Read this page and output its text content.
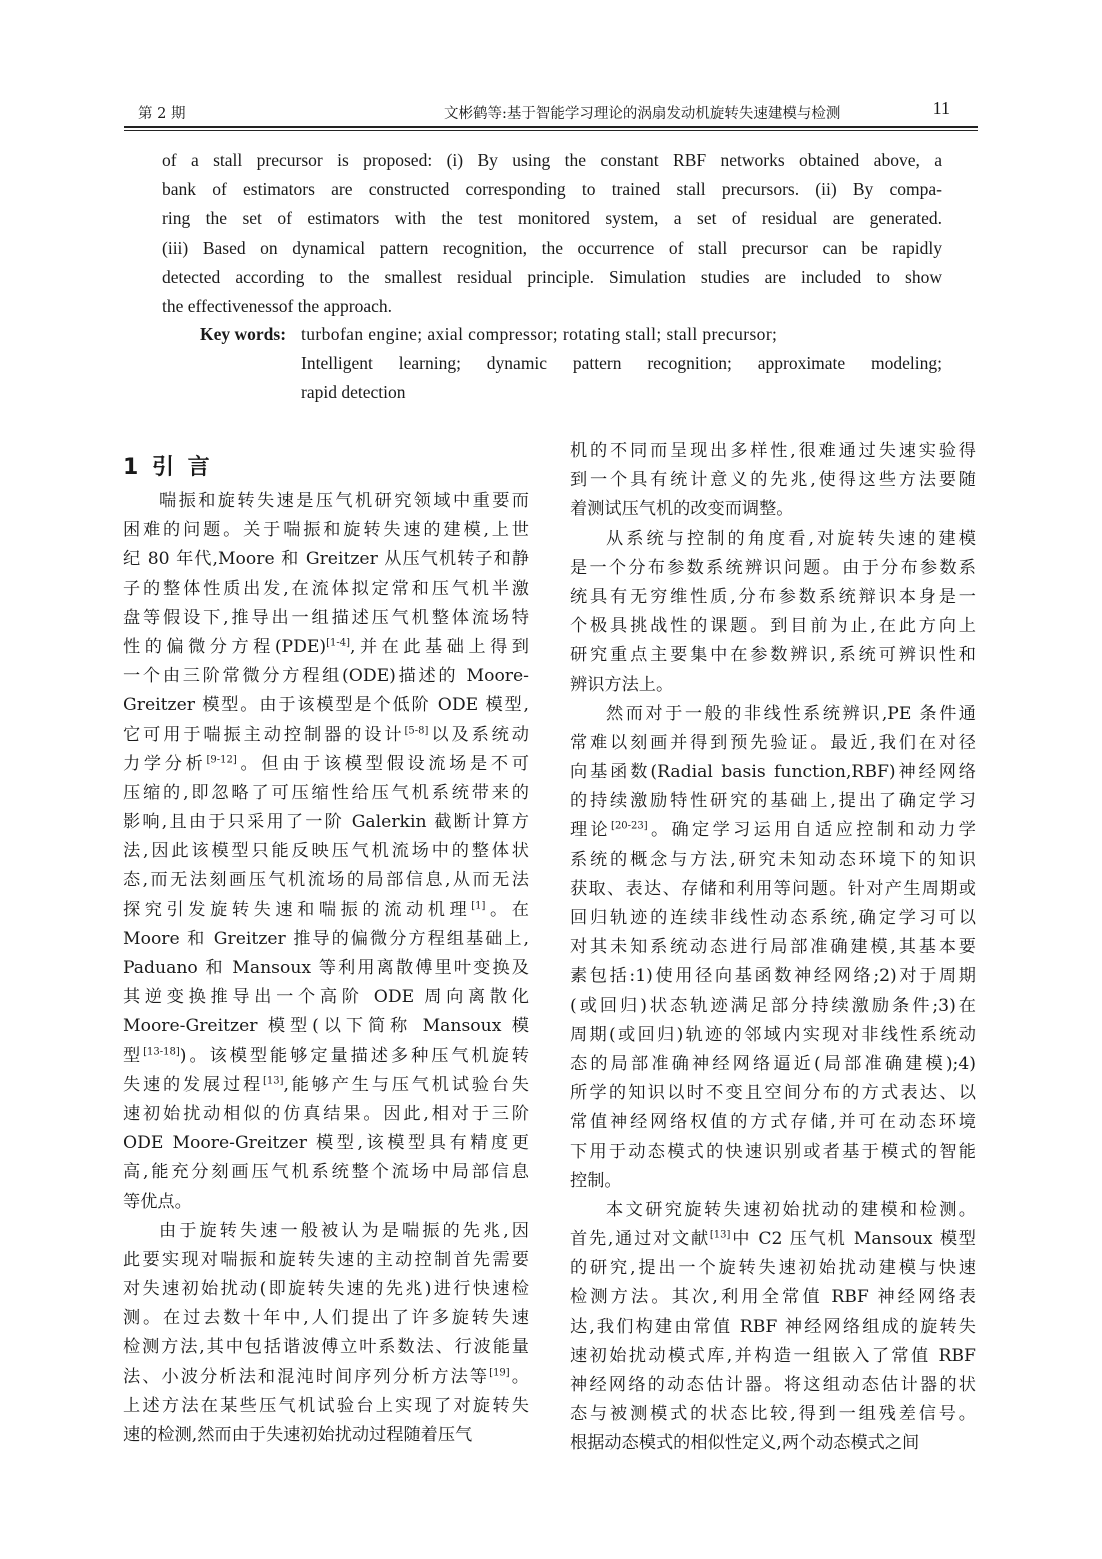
第 2 期	文彬鹤等:基于智能学习理论的涡扇发动机旋转失速建模与检测	11
of a stall precursor is proposed: (i) By using the constant RBF networks obtained above, a
bank of estimators are constructed corresponding to trained stall precursors. (ii) By compa-
ring the set of estimators with the test monitored system, a set of residual are generated.
(iii) Based on dynamical pattern recognition, the occurrence of stall precursor can be rapidly
detected according to the smallest residual principle. Simulation studies are included to show
the effectivenessof the approach.
Key words: turbofan engine; axial compressor; rotating stall; stall precursor;
Intelligent learning; dynamic pattern recognition; approximate modeling;
rapid detection
1 引 言
喘振和旋转失速是压气机研究领域中重要而
困难的问题。关于喘振和旋转失速的建模,上世
纪 80 年代,Moore 和 Greitzer 从压气机转子和静
子的整体性质出发,在流体拟定常和压气机半激
盘等假设下,推导出一组描述压气机整体流场特
性的偏微分方程(PDE)[1-4],并在此基础上得到
一个由三阶常微分方程组(ODE)描述的 Moore-
Greitzer 模型。由于该模型是个低阶 ODE 模型,
它可用于喘振主动控制器的设计[5-8]以及系统动
力学分析[9-12]。但由于该模型假设流场是不可
压缩的,即忽略了可压缩性给压气机系统带来的
影响,且由于只采用了一阶 Galerkin 截断计算方
法,因此该模型只能反映压气机流场中的整体状
态,而无法刻画压气机流场的局部信息,从而无法
探究引发旋转失速和喘振的流动机理[1]。在
Moore 和 Greitzer 推导的偏微分方程组基础上,
Paduano 和 Mansoux 等利用离散傅里叶变换及
其逆变换推导出一个高阶 ODE 周向离散化
Moore-Greitzer 模型(以下简称 Mansoux 模
型[13-18])。该模型能够定量描述多种压气机旋转
失速的发展过程[13],能够产生与压气机试验台失
速初始扰动相似的仿真结果。因此,相对于三阶
ODE Moore-Greitzer 模型,该模型具有精度更
高,能充分刻画压气机系统整个流场中局部信息
等优点。
由于旋转失速一般被认为是喘振的先兆,因
此要实现对喘振和旋转失速的主动控制首先需要
对失速初始扰动(即旋转失速的先兆)进行快速检
测。在过去数十年中,人们提出了许多旋转失速
检测方法,其中包括谐波傅立叶系数法、行波能量
法、小波分析法和混沌时间序列分析方法等[19]。
上述方法在某些压气机试验台上实现了对旋转失
速的检测,然而由于失速初始扰动过程随着压气
机的不同而呈现出多样性,很难通过失速实验得
到一个具有统计意义的先兆,使得这些方法要随
着测试压气机的改变而调整。
从系统与控制的角度看,对旋转失速的建模
是一个分布参数系统辨识问题。由于分布参数系
统具有无穷维性质,分布参数系统辩识本身是一
个极具挑战性的课题。到目前为止,在此方向上
研究重点主要集中在参数辨识,系统可辨识性和
辨识方法上。
然而对于一般的非线性系统辨识,PE 条件通
常难以刻画并得到预先验证。最近,我们在对径
向基函数(Radial basis function,RBF)神经网络
的持续激励特性研究的基础上,提出了确定学习
理论[20-23]。确定学习运用自适应控制和动力学
系统的概念与方法,研究未知动态环境下的知识
获取、表达、存储和利用等问题。针对产生周期或
回归轨迹的连续非线性动态系统,确定学习可以
对其未知系统动态进行局部准确建模,其基本要
素包括:1)使用径向基函数神经网络;2)对于周期
(或回归)状态轨迹满足部分持续激励条件;3)在
周期(或回归)轨迹的邻域内实现对非线性系统动
态的局部准确神经网络逼近(局部准确建模);4)
所学的知识以时不变且空间分布的方式表达、以
常值神经网络权值的方式存储,并可在动态环境
下用于动态模式的快速识别或者基于模式的智能
控制。
本文研究旋转失速初始扰动的建模和检测。
首先,通过对文献[13]中 C2 压气机 Mansoux 模型
的研究,提出一个旋转失速初始扰动建模与快速
检测方法。其次,利用全常值 RBF 神经网络表
达,我们构建由常值 RBF 神经网络组成的旋转失
速初始扰动模式库,并构造一组嵌入了常值 RBF
神经网络的动态估计器。将这组动态估计器的状
态与被测模式的状态比较,得到一组残差信号。
根据动态模式的相似性定义,两个动态模式之间
